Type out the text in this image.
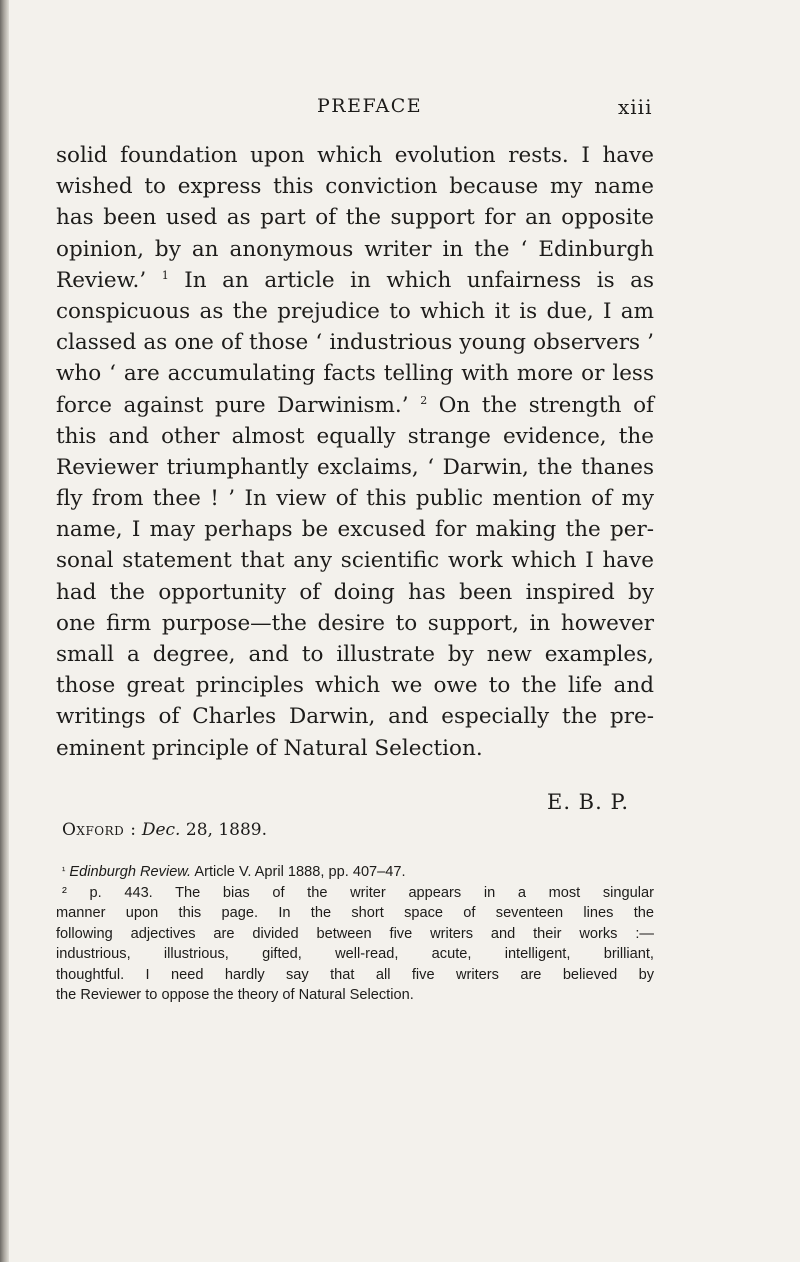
PREFACE	xiii
solid foundation upon which evolution rests. I have
wished to express this conviction because my name
has been used as part of the support for an opposite
opinion, by an anonymous writer in the ‘ Edinburgh
Review.’ $^1$ In an article in which unfairness is as
conspicuous as the prejudice to which it is due, I am
classed as one of those ‘ industrious young observers ’
who ‘ are accumulating facts telling with more or less
force against pure Darwinism.’ $^2$ On the strength of
this and other almost equally strange evidence, the
Reviewer triumphantly exclaims, ‘ Darwin, the thanes
fly from thee ! ’ In view of this public mention of my
name, I may perhaps be excused for making the per-
sonal statement that any scientific work which I have
had the opportunity of doing has been inspired by
one firm purpose—the desire to support, in however
small a degree, and to illustrate by new examples,
those great principles which we owe to the life and
writings of Charles Darwin, and especially the pre-
eminent principle of Natural Selection.
E. B. P.
Oxford : Dec. 28, 1889.
$^{^1}$ Edinburgh Review. Article V. April 1888, pp. 407–47.
² p. 443. The bias of the writer appears in a most singular
manner upon this page. In the short space of seventeen lines the
following adjectives are divided between five writers and their works :—
industrious, illustrious, gifted, well-read, acute, intelligent, brilliant,
thoughtful. I need hardly say that all five writers are believed by
the Reviewer to oppose the theory of Natural Selection.
